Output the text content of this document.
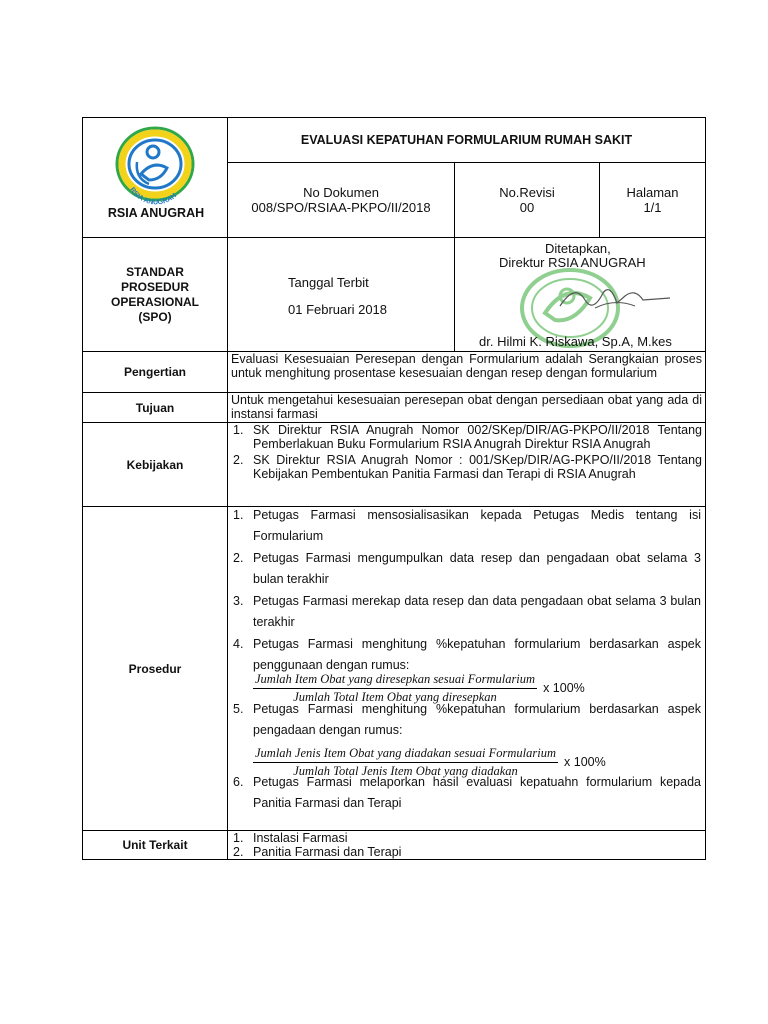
RSIA ANUGRAH
RSIA ANUGRAH
EVALUASI KEPATUHAN FORMULARIUM RUMAH SAKIT
No Dokumen
008/SPO/RSIAA-PKPO/II/2018
No.Revisi
00
Halaman
1/1
STANDAR
PROSEDUR
OPERASIONAL
(SPO)
Tanggal Terbit
01 Februari 2018
Ditetapkan,
Direktur RSIA ANUGRAH
dr. Hilmi K. Riskawa, Sp.A, M.kes
Pengertian
Evaluasi Kesesuaian Peresepan dengan Formularium adalah Serangkaian proses untuk menghitung prosentase kesesuaian dengan resep dengan formularium
Tujuan
Untuk mengetahui kesesuaian peresepan obat dengan persediaan obat yang ada di instansi farmasi
Kebijakan
1. SK Direktur RSIA Anugrah Nomor 002/SKep/DIR/AG-PKPO/II/2018 Tentang Pemberlakuan Buku Formularium RSIA Anugrah Direktur RSIA Anugrah
2. SK Direktur RSIA Anugrah Nomor : 001/SKep/DIR/AG-PKPO/II/2018 Tentang Kebijakan Pembentukan Panitia Farmasi dan Terapi di RSIA Anugrah
Prosedur
1. Petugas Farmasi mensosialisasikan kepada Petugas Medis tentang isi Formularium
2. Petugas Farmasi mengumpulkan data resep dan pengadaan obat selama 3 bulan terakhir
3. Petugas Farmasi merekap data resep dan data pengadaan obat selama 3 bulan terakhir
4. Petugas Farmasi menghitung %kepatuhan formularium berdasarkan aspek penggunaan dengan rumus:
$\frac{\text{Jumlah Item Obat yang diresepkan sesuai Formularium}}{\text{Jumlah Total Item Obat yang diresepkan}}$ x 100%
5. Petugas Farmasi menghitung %kepatuhan formularium berdasarkan aspek pengadaan dengan rumus:
$\frac{\text{Jumlah Jenis Item Obat yang diadakan sesuai Formularium}}{\text{Jumlah Total Jenis Item Obat yang diadakan}}$ x 100%
6. Petugas Farmasi melaporkan hasil evaluasi kepatuahn formularium kepada Panitia Farmasi dan Terapi
Unit Terkait	1. Instalasi Farmasi
2. Panitia Farmasi dan Terapi
